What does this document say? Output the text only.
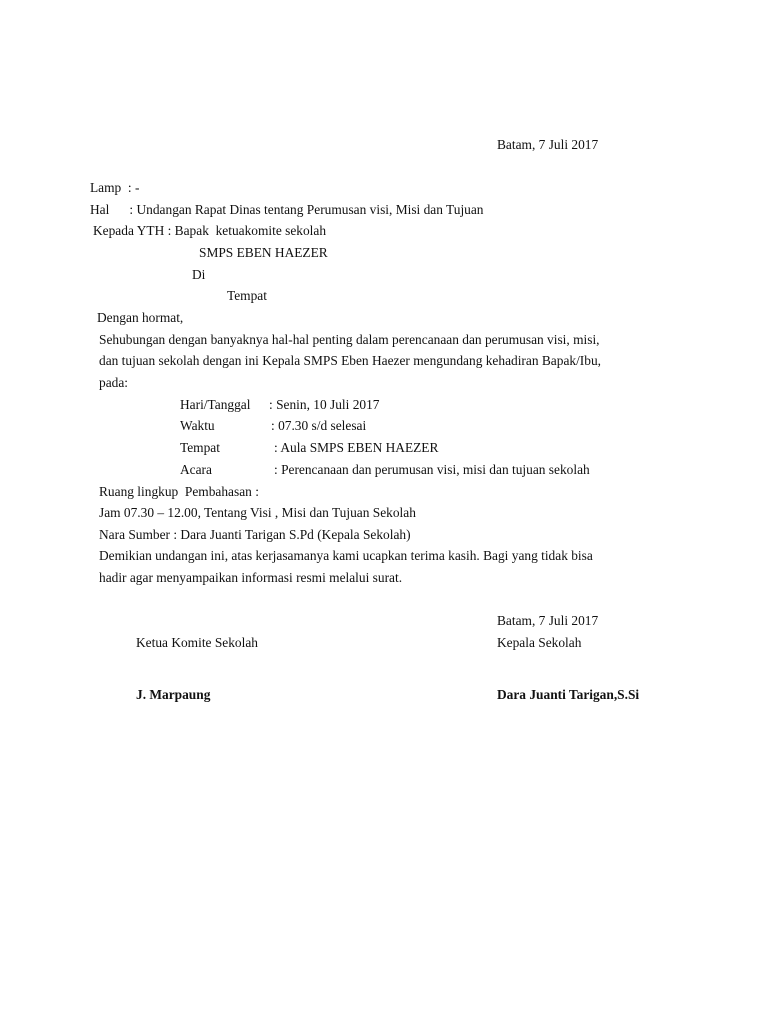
Batam, 7 Juli 2017
Lamp  : -
Hal      : Undangan Rapat Dinas tentang Perumusan visi, Misi dan Tujuan
Kepada YTH : Bapak  ketuakomite sekolah
SMPS EBEN HAEZER
Di
Tempat
Dengan hormat,
Sehubungan dengan banyaknya hal-hal penting dalam perencanaan dan perumusan visi, misi,
dan tujuan sekolah dengan ini Kepala SMPS Eben Haezer mengundang kehadiran Bapak/Ibu,
pada:
Hari/Tanggal : Senin, 10 Juli 2017
Waktu	: 07.30 s/d selesai
Tempat	: Aula SMPS EBEN HAEZER
Acara	: Perencanaan dan perumusan visi, misi dan tujuan sekolah
Ruang lingkup  Pembahasan :
Jam 07.30 – 12.00, Tentang Visi , Misi dan Tujuan Sekolah
Nara Sumber : Dara Juanti Tarigan S.Pd (Kepala Sekolah)
Demikian undangan ini, atas kerjasamanya kami ucapkan terima kasih. Bagi yang tidak bisa
hadir agar menyampaikan informasi resmi melalui surat.
Batam, 7 Juli 2017
Ketua Komite Sekolah	Kepala Sekolah
J. Marpaung	Dara Juanti Tarigan,S.Si
